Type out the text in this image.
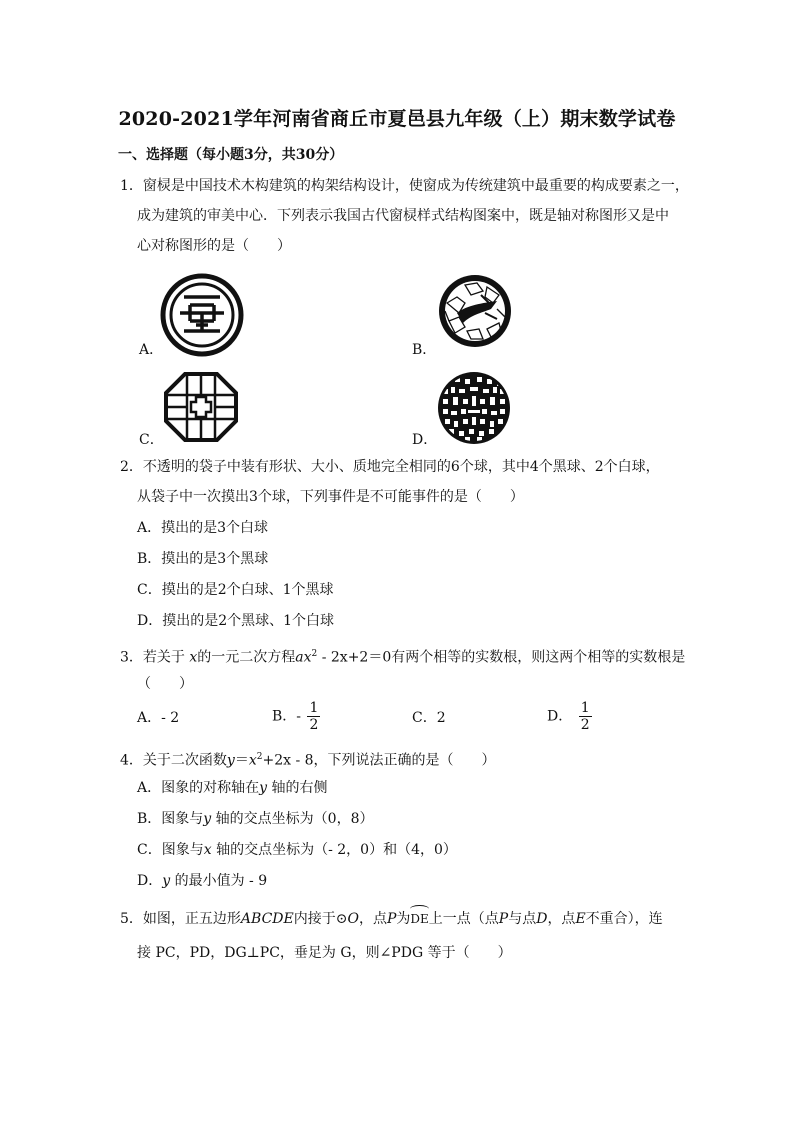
2020-2021学年河南省商丘市夏邑县九年级（上）期末数学试卷
一、选择题（每小题3分，共30分）
1．窗棂是中国技术木构建筑的构架结构设计，使窗成为传统建筑中最重要的构成要素之一，
成为建筑的审美中心．下列表示我国古代窗棂样式结构图案中，既是轴对称图形又是中
心对称图形的是（　　）
A．	B．
C．	D．
2．不透明的袋子中装有形状、大小、质地完全相同的6个球，其中4个黑球、2个白球，
从袋子中一次摸出3个球，下列事件是不可能事件的是（　　）
A．摸出的是3个白球
B．摸出的是3个黑球
C．摸出的是2个白球、1个黑球
D．摸出的是2个黑球、1个白球
3．若关于 x的一元二次方程$ax^2 - 2x+2=0$有两个相等的实数根，则这两个相等的实数根是
（　　）
A．- 2	B．- $\frac{1}{2}$	C．2	D． $\frac{1}{2}$
4．关于二次函数$y=x^2+2x - 8$，下列说法正确的是（　　）
A．图象的对称轴在y 轴的右侧
B．图象与y 轴的交点坐标为（0，8）
C．图象与x 轴的交点坐标为（- 2，0）和（4，0）
D．y 的最小值为 - 9
5．如图，正五边形ABCDE内接于⊙O，点P为DE上一点（点P与点D，点E不重合），连
接 PC，PD，DG⊥PC，垂足为 G，则∠PDG 等于（　　）
